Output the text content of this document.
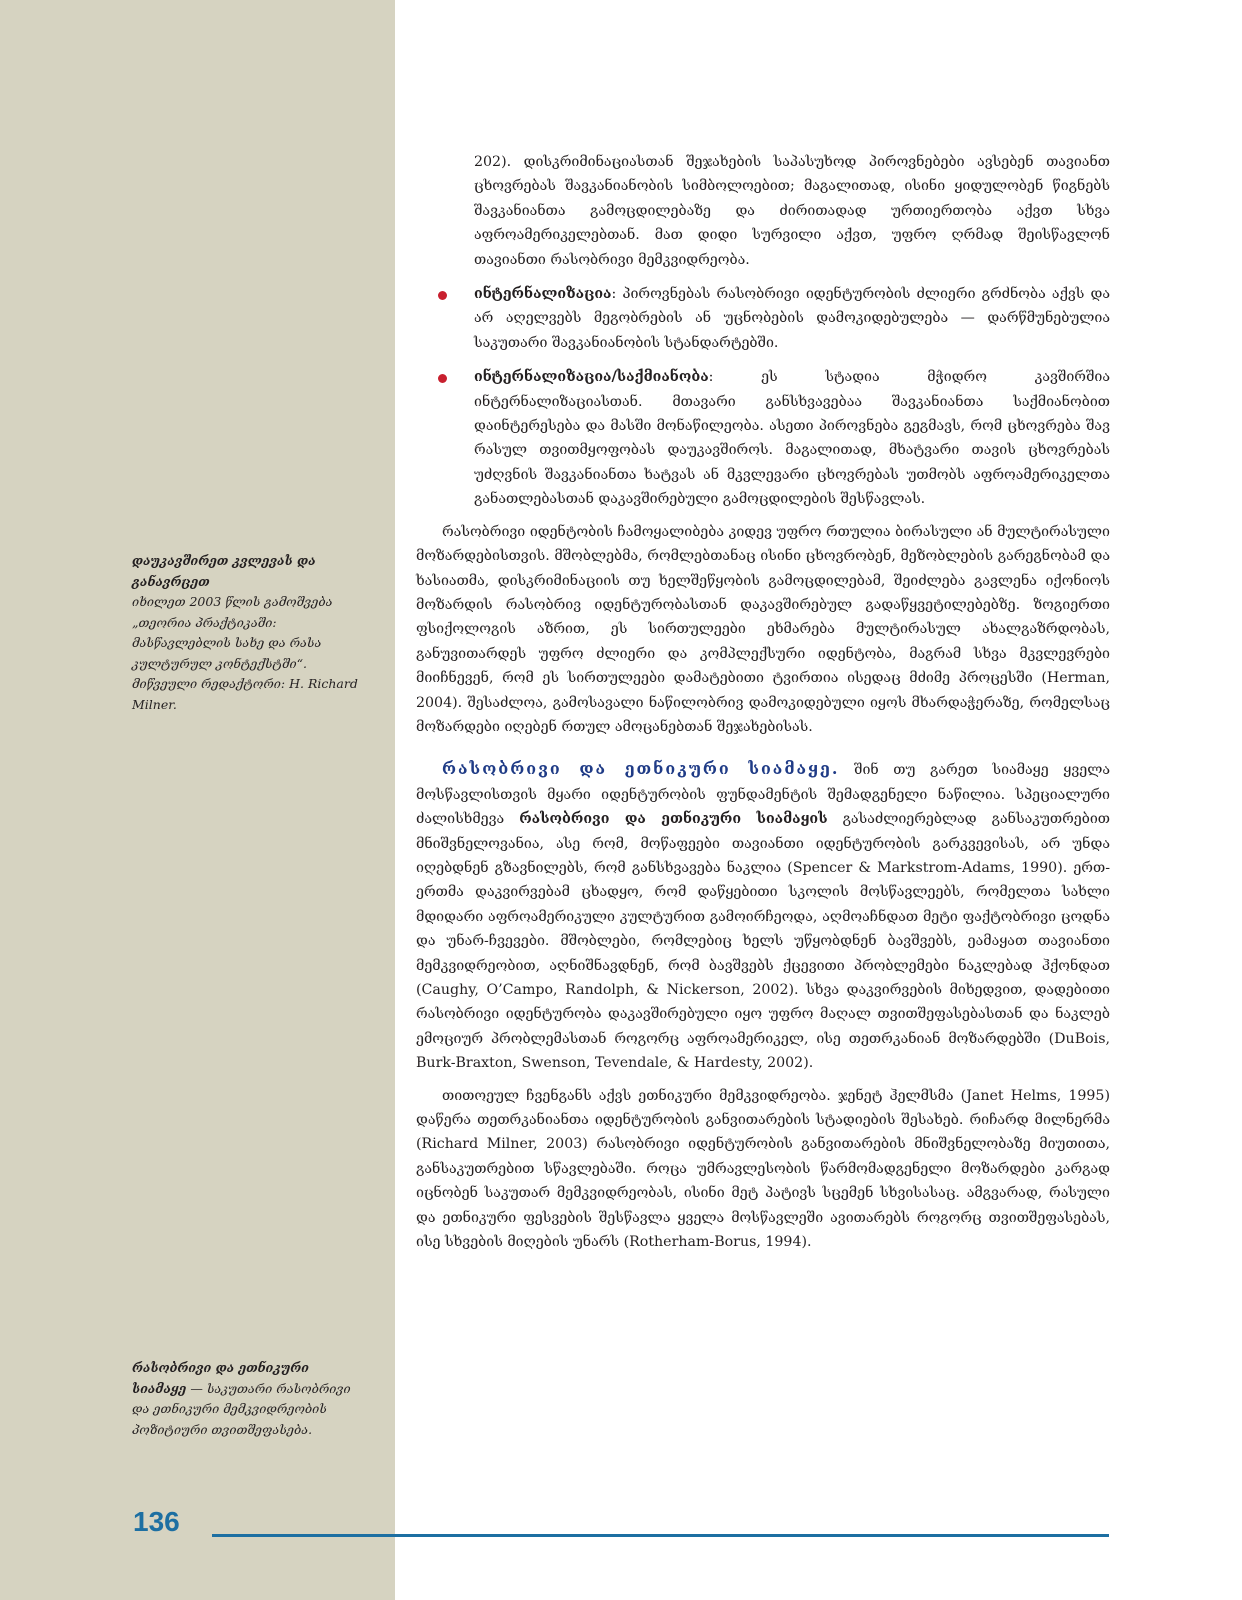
დაუკავშირეთ კვლევას და განავრცეთ
იხილეთ 2003 წლის გამოშვება „თეორია პრაქტიკაში: მასწავლებლის სახე და რასა კულტურულ კონტექსტში“. მიწვეული რედაქტორი: H. Richard Milner.
რასობრივი და ეთნიკური სიამაყე — საკუთარი რასობრივი და ეთნიკური მემკვიდრეობის პოზიტიური თვითშეფასება.

202). დისკრიმინაციასთან შეჯახების საპასუხოდ პიროვნებები ავსებენ თავიანთ ცხოვრებას შავკანიანობის სიმბოლოებით; მაგალითად, ისინი ყიდულობენ წიგნებს შავკანიანთა გამოცდილებაზე და ძირითადად ურთიერთობა აქვთ სხვა აფროამერიკელებთან. მათ დიდი სურვილი აქვთ, უფრო ღრმად შეისწავლონ თავიანთი რასობრივი მემკვიდრეობა.

ინტერნალიზაცია: პიროვნებას რასობრივი იდენტურობის ძლიერი გრძნობა აქვს და არ აღელვებს მეგობრების ან უცნობების დამოკიდებულება — დარწმუნებულია საკუთარი შავკანიანობის სტანდარტებში.
ინტერნალიზაცია/საქმიანობა: ეს სტადია მჭიდრო კავშირშია ინტერნალიზაციასთან. მთავარი განსხვავებაა შავკანიანთა საქმიანობით დაინტერესება და მასში მონაწილეობა. ასეთი პიროვნება გეგმავს, რომ ცხოვრება შავ რასულ თვითმყოფობას დაუკავშიროს. მაგალითად, მხატვარი თავის ცხოვრებას უძღვნის შავკანიანთა ხატვას ან მკვლევარი ცხოვრებას უთმობს აფროამერიკელთა განათლებასთან დაკავშირებული გამოცდილების შესწავლას.

რასობრივი იდენტობის ჩამოყალიბება კიდევ უფრო რთულია ბირასული ან მულტირასული მოზარდებისთვის. მშობლებმა, რომლებთანაც ისინი ცხოვრობენ, მეზობლების გარეგნობამ და ხასიათმა, დისკრიმინაციის თუ ხელშეწყობის გამოცდილებამ, შეიძლება გავლენა იქონიოს მოზარდის რასობრივ იდენტურობასთან დაკავშირებულ გადაწყვეტილებებზე. ზოგიერთი ფსიქოლოგის აზრით, ეს სირთულეები ეხმარება მულტირასულ ახალგაზრდობას, განუვითარდეს უფრო ძლიერი და კომპლექსური იდენტობა, მაგრამ სხვა მკვლევრები მიიჩნევენ, რომ ეს სირთულეები დამატებითი ტვირთია ისედაც მძიმე პროცესში (Herman, 2004). შესაძლოა, გამოსავალი ნაწილობრივ დამოკიდებული იყოს მხარდაჭერაზე, რომელსაც მოზარდები იღებენ რთულ ამოცანებთან შეჯახებისას.

რასობრივი და ეთნიკური სიამაყე. შინ თუ გარეთ სიამაყე ყველა მოსწავლისთვის მყარი იდენტურობის ფუნდამენტის შემადგენელი ნაწილია. სპეციალური ძალისხმევა რასობრივი და ეთნიკური სიამაყის გასაძლიერებლად განსაკუთრებით მნიშვნელოვანია, ასე რომ, მოწაფეები თავიანთი იდენტურობის გარკვევისას, არ უნდა იღებდნენ გზავნილებს, რომ განსხვავება ნაკლია (Spencer & Markstrom-Adams, 1990). ერთ-ერთმა დაკვირვებამ ცხადყო, რომ დაწყებითი სკოლის მოსწავლეებს, რომელთა სახლი მდიდარი აფროამერიკული კულტურით გამოირჩეოდა, აღმოაჩნდათ მეტი ფაქტობრივი ცოდნა და უნარ-ჩვევები. მშობლები, რომლებიც ხელს უწყობდნენ ბავშვებს, ეამაყათ თავიანთი მემკვიდრეობით, აღნიშნავდნენ, რომ ბავშვებს ქცევითი პრობლემები ნაკლებად ჰქონდათ (Caughy, O’Campo, Randolph, & Nickerson, 2002). სხვა დაკვირვების მიხედვით, დადებითი რასობრივი იდენტურობა დაკავშირებული იყო უფრო მაღალ თვითშეფასებასთან და ნაკლებ ემოციურ პრობლემასთან როგორც აფროამერიკელ, ისე თეთრკანიან მოზარდებში (DuBois, Burk-Braxton, Swenson, Tevendale, & Hardesty, 2002).

თითოეულ ჩვენგანს აქვს ეთნიკური მემკვიდრეობა. ჯენეტ ჰელმსმა (Janet Helms, 1995) დაწერა თეთრკანიანთა იდენტურობის განვითარების სტადიების შესახებ. რიჩარდ მილნერმა (Richard Milner, 2003) რასობრივი იდენტურობის განვითარების მნიშვნელობაზე მიუთითა, განსაკუთრებით სწავლებაში. როცა უმრავლესობის წარმომადგენელი მოზარდები კარგად იცნობენ საკუთარ მემკვიდრეობას, ისინი მეტ პატივს სცემენ სხვისასაც. ამგვარად, რასული და ეთნიკური ფესვების შესწავლა ყველა მოსწავლეში ავითარებს როგორც თვითშეფასებას, ისე სხვების მიღების უნარს (Rotherham-Borus, 1994).

136
